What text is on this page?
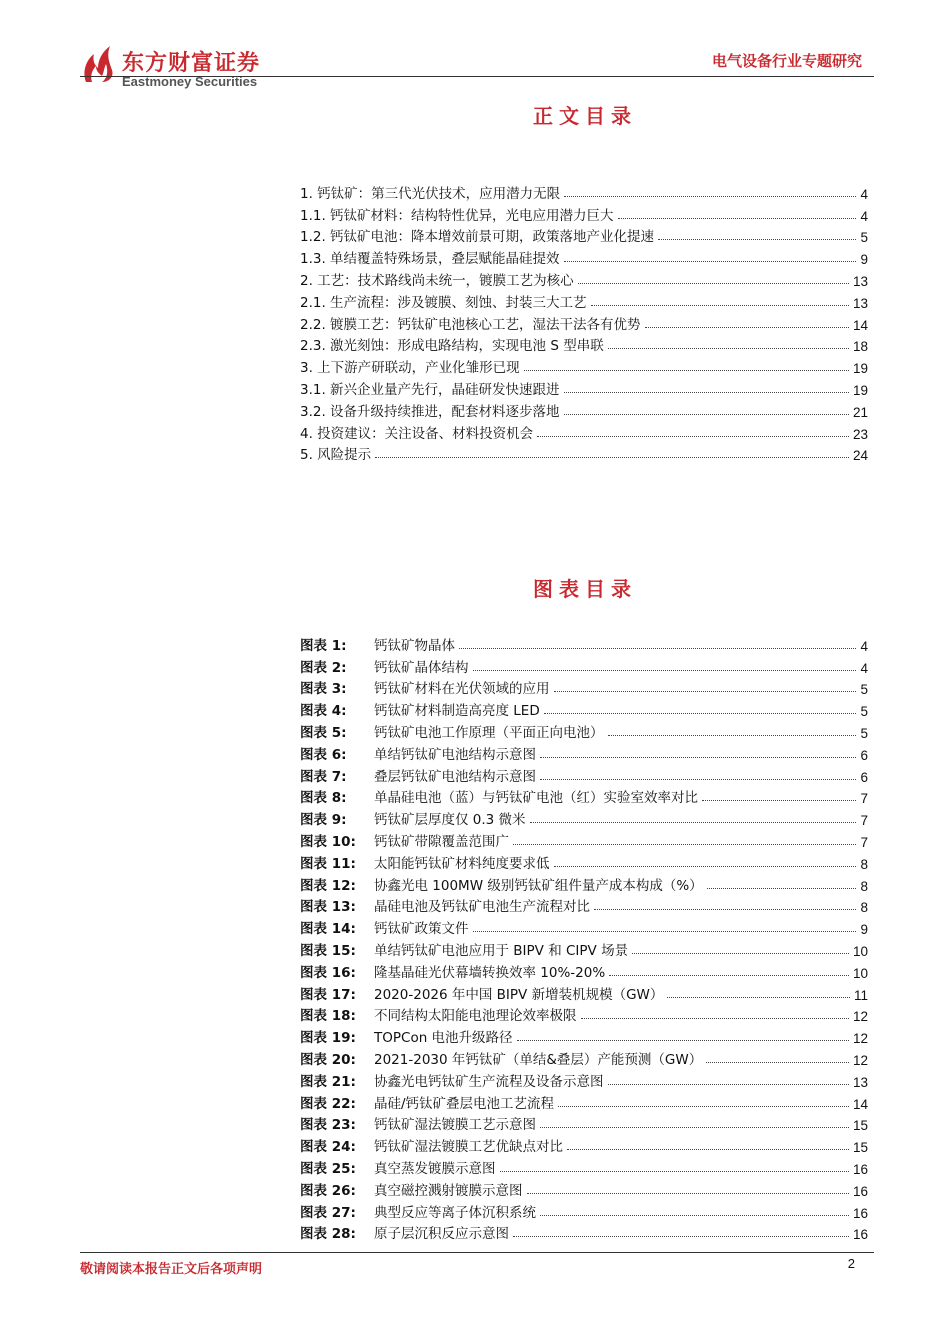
东方财富证券
Eastmoney Securities
电气设备行业专题研究
正文目录
1. 钙钛矿：第三代光伏技术，应用潜力无限	4
1.1. 钙钛矿材料：结构特性优异，光电应用潜力巨大	4
1.2. 钙钛矿电池：降本增效前景可期，政策落地产业化提速	5
1.3. 单结覆盖特殊场景，叠层赋能晶硅提效	9
2. 工艺：技术路线尚未统一，镀膜工艺为核心	13
2.1. 生产流程：涉及镀膜、刻蚀、封装三大工艺	13
2.2. 镀膜工艺：钙钛矿电池核心工艺，湿法干法各有优势	14
2.3. 激光刻蚀：形成电路结构，实现电池 S 型串联	18
3. 上下游产研联动，产业化雏形已现	19
3.1. 新兴企业量产先行，晶硅研发快速跟进	19
3.2. 设备升级持续推进，配套材料逐步落地	21
4. 投资建议：关注设备、材料投资机会	23
5. 风险提示	24
图表目录
图表 1: 钙钛矿物晶体	4
图表 2: 钙钛矿晶体结构	4
图表 3: 钙钛矿材料在光伏领域的应用	5
图表 4: 钙钛矿材料制造高亮度 LED	5
图表 5: 钙钛矿电池工作原理（平面正向电池）	5
图表 6: 单结钙钛矿电池结构示意图	6
图表 7: 叠层钙钛矿电池结构示意图	6
图表 8: 单晶硅电池（蓝）与钙钛矿电池（红）实验室效率对比	7
图表 9: 钙钛矿层厚度仅 0.3 微米	7
图表 10: 钙钛矿带隙覆盖范围广	7
图表 11: 太阳能钙钛矿材料纯度要求低	8
图表 12: 协鑫光电 100MW 级别钙钛矿组件量产成本构成（%）	8
图表 13: 晶硅电池及钙钛矿电池生产流程对比	8
图表 14: 钙钛矿政策文件	9
图表 15: 单结钙钛矿电池应用于 BIPV 和 CIPV 场景	10
图表 16: 隆基晶硅光伏幕墙转换效率 10%-20%	10
图表 17: 2020-2026 年中国 BIPV 新增装机规模（GW）	11
图表 18: 不同结构太阳能电池理论效率极限	12
图表 19: TOPCon 电池升级路径	12
图表 20: 2021-2030 年钙钛矿（单结&叠层）产能预测（GW）	12
图表 21: 协鑫光电钙钛矿生产流程及设备示意图	13
图表 22: 晶硅/钙钛矿叠层电池工艺流程	14
图表 23: 钙钛矿湿法镀膜工艺示意图	15
图表 24: 钙钛矿湿法镀膜工艺优缺点对比	15
图表 25: 真空蒸发镀膜示意图	16
图表 26: 真空磁控溅射镀膜示意图	16
图表 27: 典型反应等离子体沉积系统	16
图表 28: 原子层沉积反应示意图	16
敬请阅读本报告正文后各项声明	2
